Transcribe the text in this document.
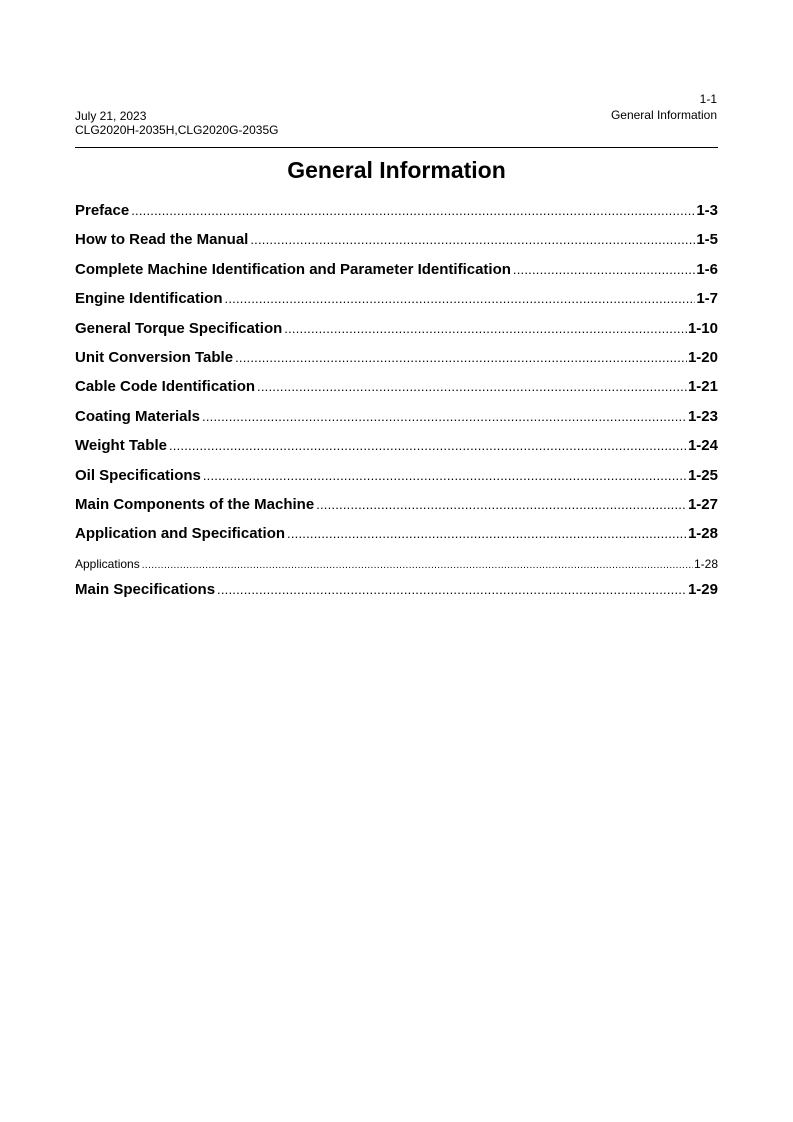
1-1
July 21, 2023	General Information
CLG2020H-2035H,CLG2020G-2035G
General Information
Preface .....	1-3
How to Read the Manual .....	1-5
Complete Machine Identification and Parameter Identification .....	1-6
Engine Identification .....	1-7
General Torque Specification .....	1-10
Unit Conversion Table .....	1-20
Cable Code Identification .....	1-21
Coating Materials .....	1-23
Weight Table .....	1-24
Oil Specifications .....	1-25
Main Components of the Machine .....	1-27
Application and Specification .....	1-28
Applications .....	1-28
Main Specifications .....	1-29
